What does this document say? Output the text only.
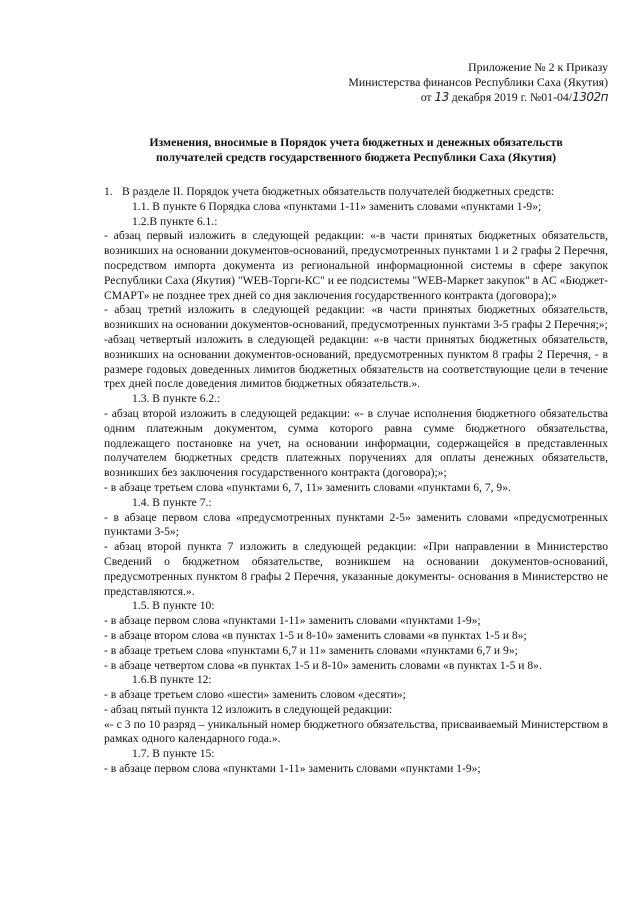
Приложение № 2 к Приказу
Министерства финансов Республики Саха (Якутия)
от 13 декабря 2019 г. №01-04/1302п
Изменения, вносимые в Порядок учета бюджетных и денежных обязательств
получателей средств государственного бюджета Республики Саха (Якутия)
1. В разделе II. Порядок учета бюджетных обязательств получателей бюджетных средств:

1.1. В пункте 6 Порядка слова «пунктами 1-11» заменить словами «пунктами 1-9»;

1.2.В пункте 6.1.:

- абзац первый изложить в следующей редакции: «-в части принятых бюджетных обязательств, возникших на основании документов-оснований, предусмотренных пунктами 1 и 2 графы 2 Перечня, посредством импорта документа из региональной информационной системы в сфере закупок Республики Саха (Якутия) "WEB-Торги-КС" и ее подсистемы "WEB-Маркет закупок" в АС «Бюджет-СМАРТ» не позднее трех дней со дня заключения государственного контракта (договора);»

- абзац третий изложить в следующей редакции: «в части принятых бюджетных обязательств, возникших на основании документов-оснований, предусмотренных пунктами 3-5 графы 2 Перечня;»;

-абзац четвертый изложить в следующей редакции: «-в части принятых бюджетных обязательств, возникших на основании документов-оснований, предусмотренных пунктом 8 графы 2 Перечня, - в размере годовых доведенных лимитов бюджетных обязательств на соответствующие цели в течение трех дней после доведения лимитов бюджетных обязательств.».

1.3. В пункте 6.2.:

- абзац второй изложить в следующей редакции: «- в случае исполнения бюджетного обязательства одним платежным документом, сумма которого равна сумме бюджетного обязательства, подлежащего постановке на учет, на основании информации, содержащейся в представленных получателем бюджетных средств платежных поручениях для оплаты денежных обязательств, возникших без заключения государственного контракта (договора);»;

- в абзаце третьем слова «пунктами 6, 7, 11» заменить словами «пунктами 6, 7, 9».

1.4. В пункте 7.:

- в абзаце первом слова «предусмотренных пунктами 2-5» заменить словами «предусмотренных пунктами 3-5»;

- абзац второй пункта 7 изложить в следующей редакции: «При направлении в Министерство Сведений о бюджетном обязательстве, возникшем на основании документов-оснований, предусмотренных пунктом 8 графы 2 Перечня, указанные документы- основания в Министерство не представляются.».

1.5. В пункте 10:

- в абзаце первом слова «пунктами 1-11» заменить словами «пунктами 1-9»;

- в абзаце втором слова «в пунктах 1-5 и 8-10» заменить словами «в пунктах 1-5 и 8»;

- в абзаце третьем слова «пунктами 6,7 и 11» заменить словами «пунктами 6,7 и 9»;

- в абзаце четвертом слова «в пунктах 1-5 и 8-10» заменить словами «в пунктах 1-5 и 8».

1.6.В пункте 12:

- в абзаце третьем слово «шести» заменить словом «десяти»;

- абзац пятый пункта 12 изложить в следующей редакции:

«- с 3 по 10 разряд – уникальный номер бюджетного обязательства, присваиваемый Министерством в рамках одного календарного года.».

1.7. В пункте 15:

- в абзаце первом слова «пунктами 1-11» заменить словами «пунктами 1-9»;
